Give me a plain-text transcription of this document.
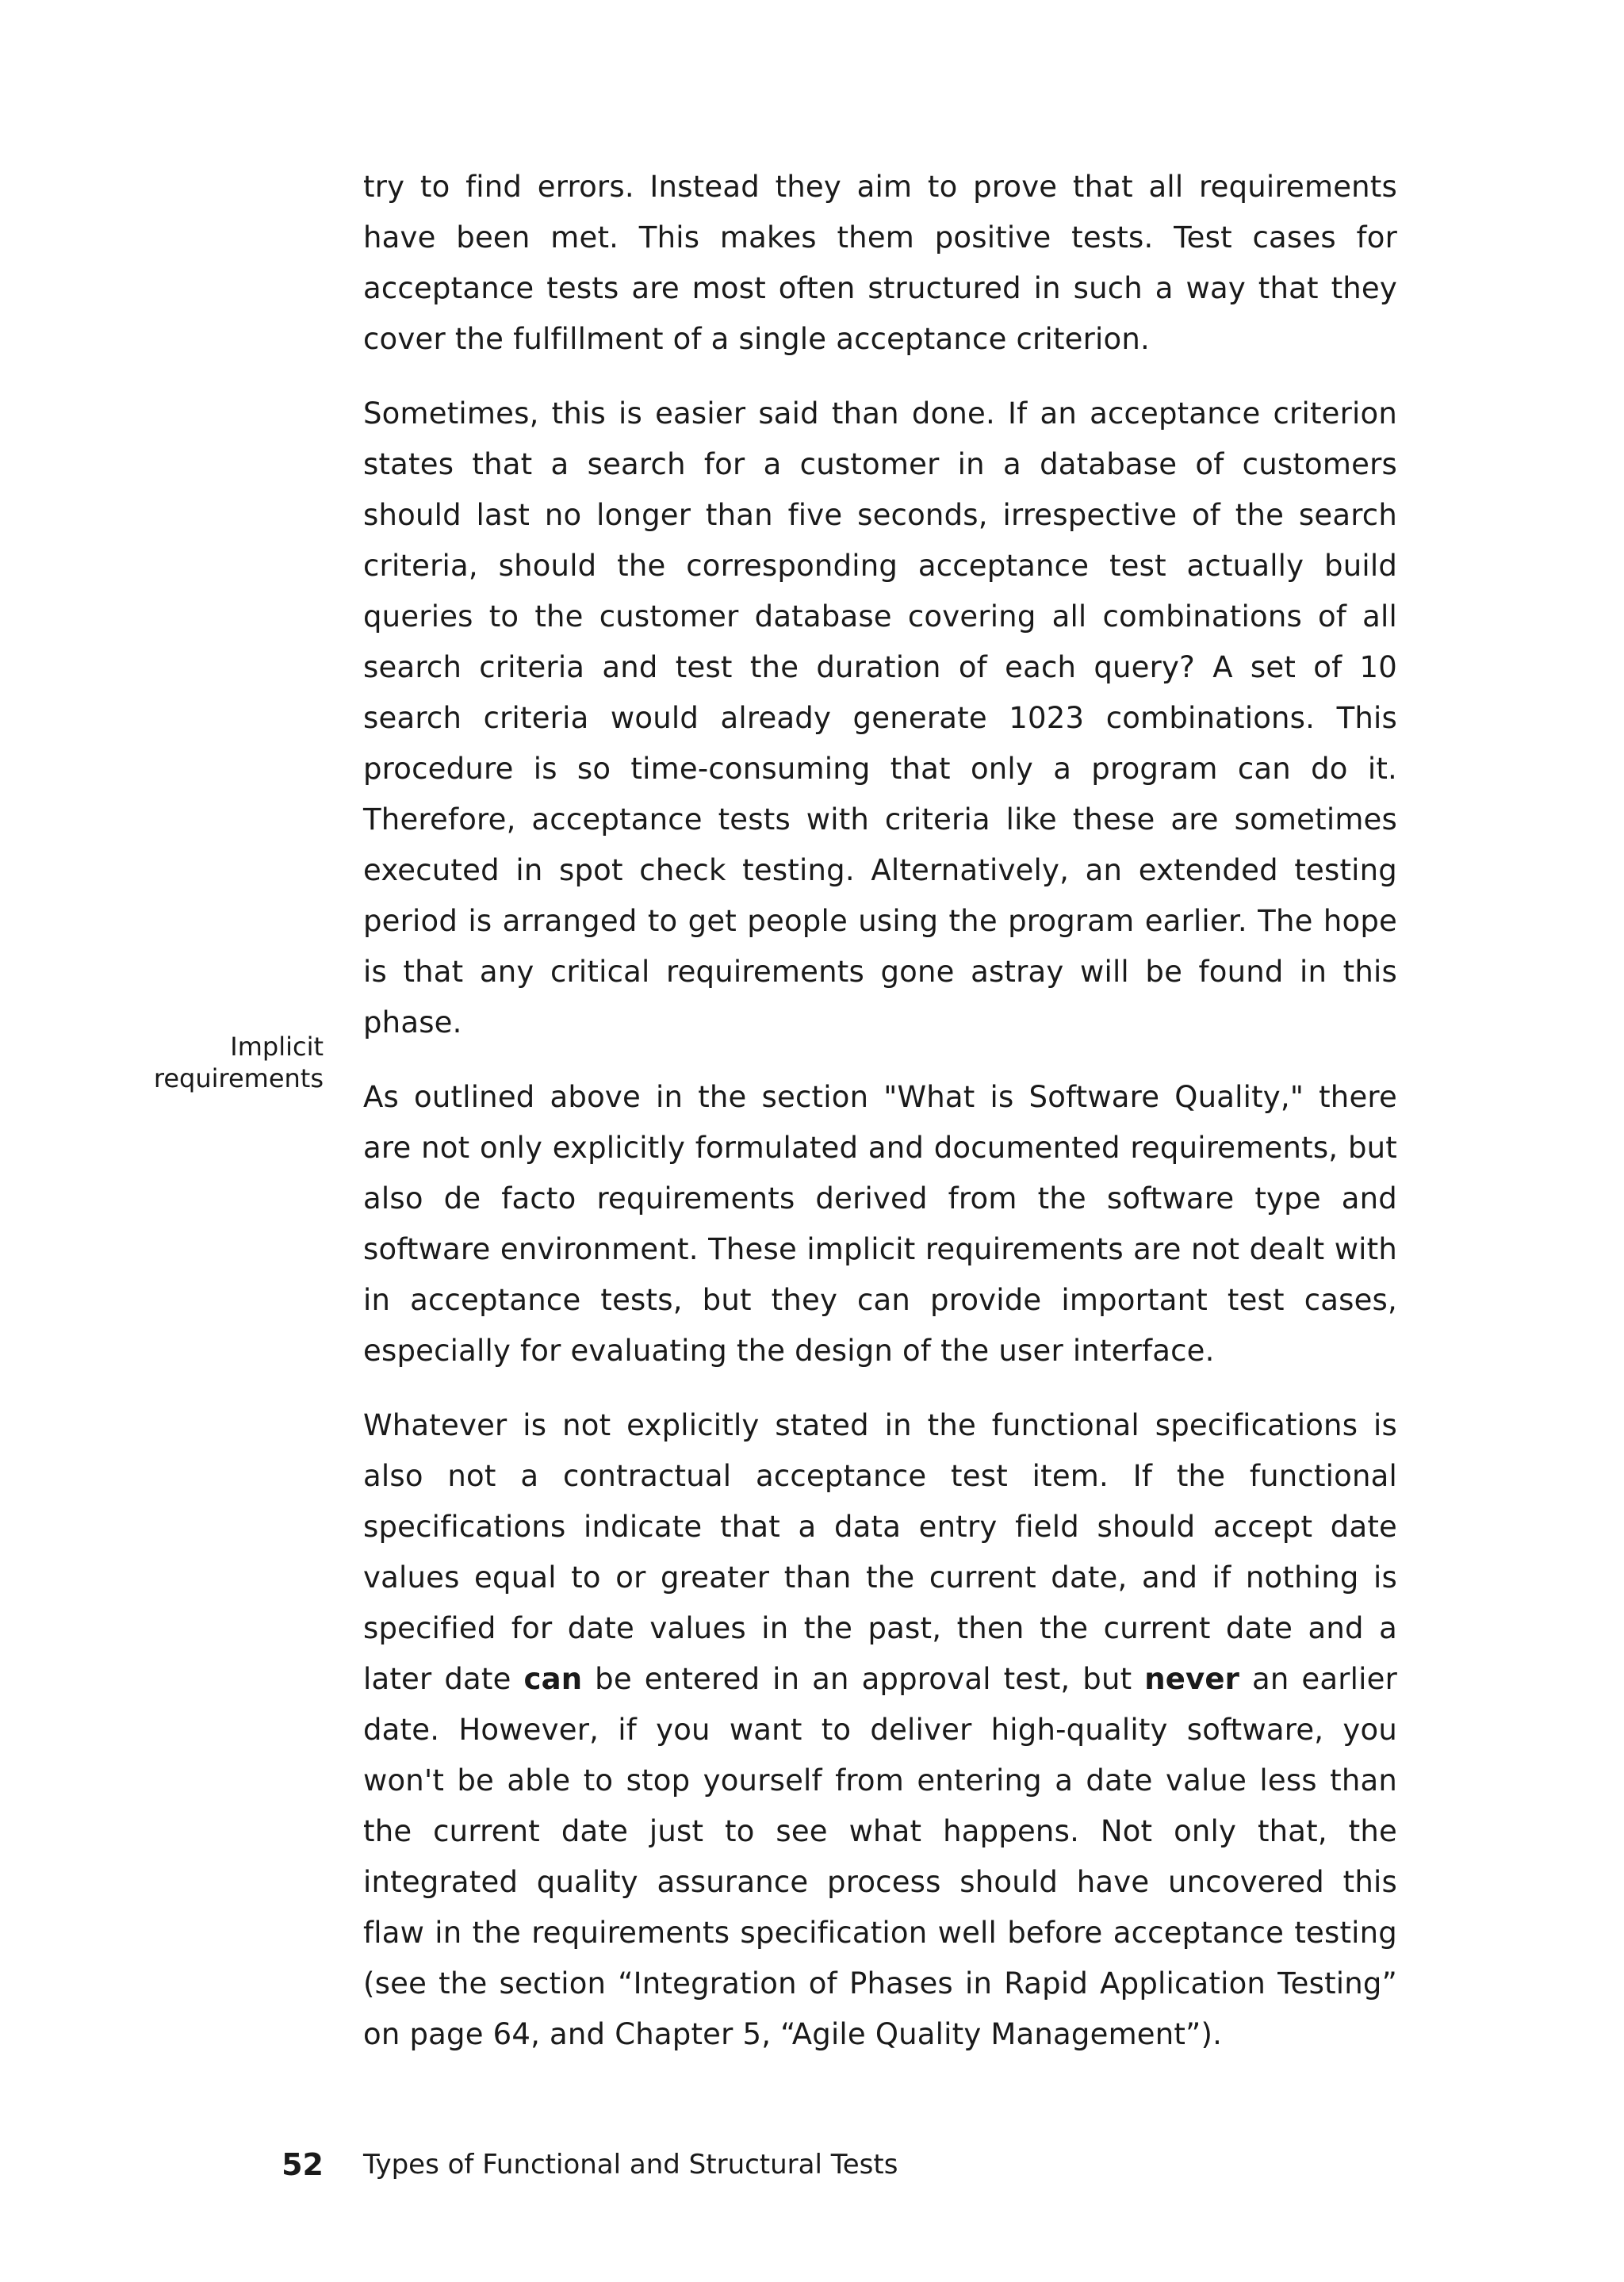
try to find errors. Instead they aim to prove that all requirements have been met. This makes them positive tests. Test cases for acceptance tests are most often structured in such a way that they cover the fulfillment of a single acceptance criterion.

Sometimes, this is easier said than done. If an acceptance criterion states that a search for a customer in a database of customers should last no longer than five seconds, irrespective of the search criteria, should the corresponding acceptance test actually build queries to the customer database covering all combinations of all search criteria and test the duration of each query? A set of 10 search criteria would already generate 1023 combinations. This procedure is so time-consuming that only a program can do it. Therefore, acceptance tests with criteria like these are sometimes executed in spot check testing. Alternatively, an extended testing period is arranged to get people using the program earlier. The hope is that any critical requirements gone astray will be found in this phase.

As outlined above in the section "What is Software Quality," there are not only explicitly formulated and documented requirements, but also de facto requirements derived from the software type and software environment. These implicit requirements are not dealt with in acceptance tests, but they can provide important test cases, especially for evaluating the design of the user interface.

Whatever is not explicitly stated in the functional specifications is also not a contractual acceptance test item. If the functional specifications indicate that a data entry field should accept date values equal to or greater than the current date, and if nothing is specified for date values in the past, then the current date and a later date can be entered in an approval test, but never an earlier date. However, if you want to deliver high-quality software, you won't be able to stop yourself from entering a date value less than the current date just to see what happens. Not only that, the integrated quality assurance process should have uncovered this flaw in the requirements specification well before acceptance testing (see the section “Integration of Phases in Rapid Application Testing” on page 64, and Chapter 5, “Agile Quality Management”).

Implicit
requirements
52 Types of Functional and Structural Tests
